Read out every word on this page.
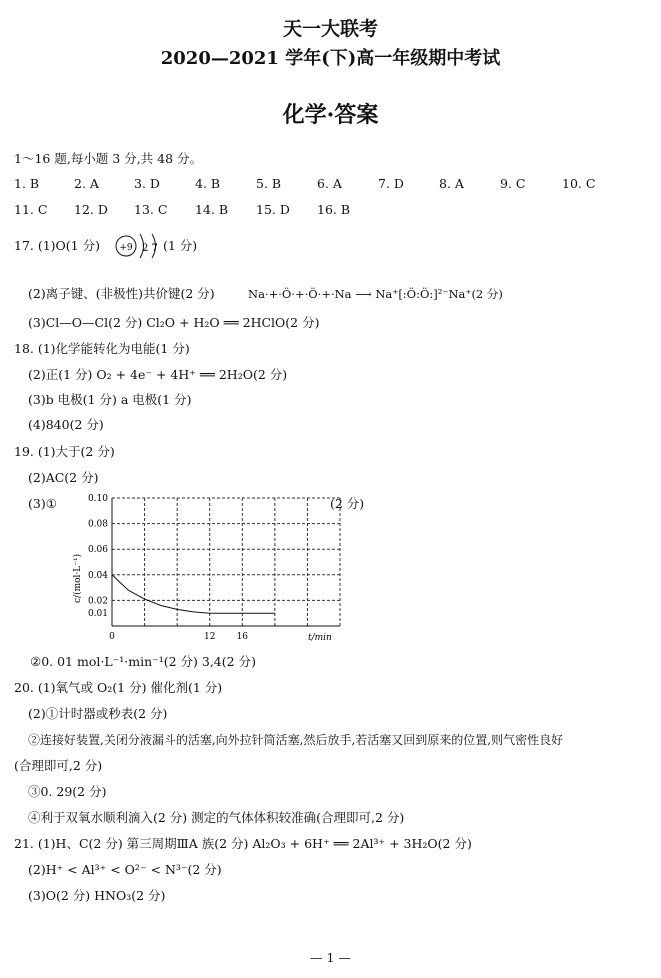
天一大联考
2020—2021 学年(下)高一年级期中考试
化学·答案
1～16 题,每小题 3 分,共 48 分。
1. B	2. A	3. D	4. B	5. B	6. A	7. D	8. A	9. C	10. C
11. C 12. D 13. C 14. B 15. D 16. B
17. (1)O(1 分) +9 2 7 (1 分)
(2)离子键、(非极性)共价键(2 分)	Na·+·Ö·+·Ö·+·Na ⟶ Na⁺[:Ö:Ö:]²⁻Na⁺(2 分)
(3)Cl—O—Cl(2 分) Cl₂O + H₂O ══ 2HClO(2 分)
18. (1)化学能转化为电能(1 分)
(2)正(1 分) O₂ + 4e⁻ + 4H⁺ ══ 2H₂O(2 分)
(3)b 电极(1 分) a 电极(1 分)
(4)840(2 分)
19. (1)大于(2 分)
(2)AC(2 分)
(3)①	(2 分)
0.01
0.02
0.04
0.06
0.08
0.10
0	12 16
c/(mol·L⁻¹)
t/min
②0. 01 mol·L⁻¹·min⁻¹(2 分) 3,4(2 分)
20. (1)氧气或 O₂(1 分) 催化剂(1 分)
(2)①计时器或秒表(2 分)
②连接好装置,关闭分液漏斗的活塞,向外拉针筒活塞,然后放手,若活塞又回到原来的位置,则气密性良好
(合理即可,2 分)
③0. 29(2 分)
④利于双氧水顺利滴入(2 分) 测定的气体体积较准确(合理即可,2 分)
21. (1)H、C(2 分) 第三周期ⅢA 族(2 分) Al₂O₃ + 6H⁺ ══ 2Al³⁺ + 3H₂O(2 分)
(2)H⁺ < Al³⁺ < O²⁻ < N³⁻(2 分)
(3)O(2 分) HNO₃(2 分)
— 1 —
